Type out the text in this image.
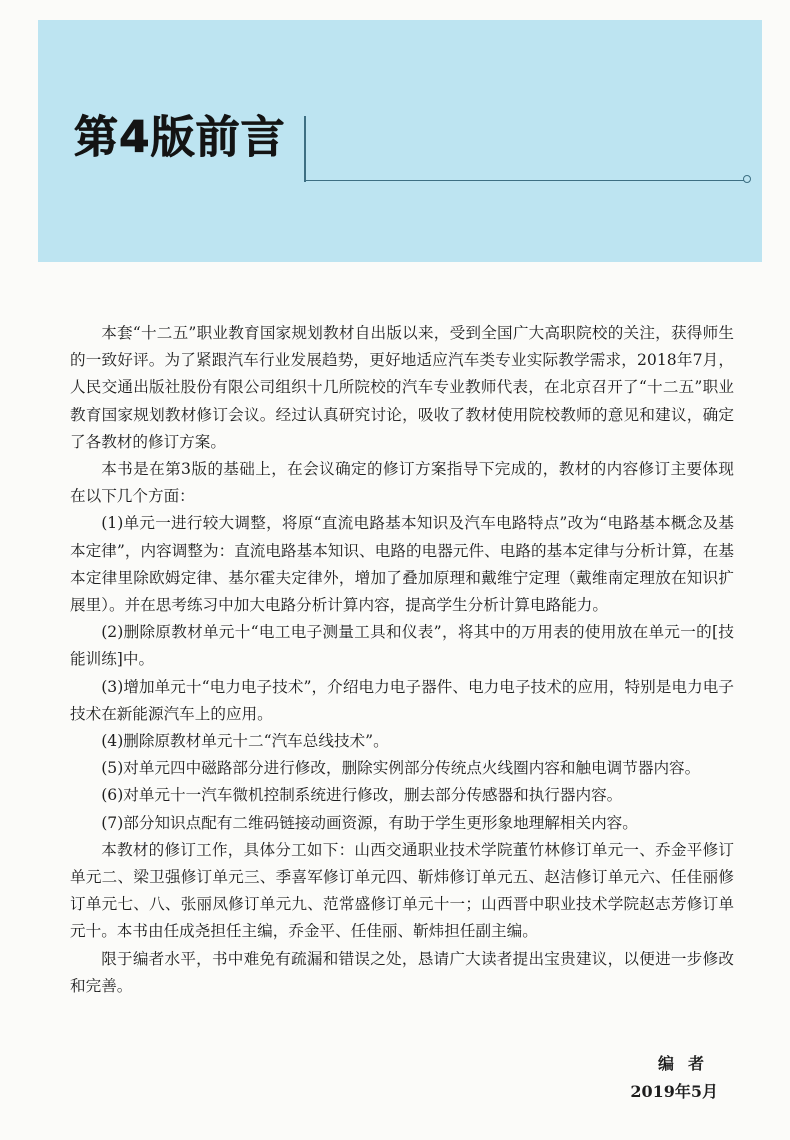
第4版前言

本套“十二五”职业教育国家规划教材自出版以来，受到全国广大高职院校的关注，获得师生的一致好评。为了紧跟汽车行业发展趋势，更好地适应汽车类专业实际教学需求，2018年7月，人民交通出版社股份有限公司组织十几所院校的汽车专业教师代表，在北京召开了“十二五”职业教育国家规划教材修订会议。经过认真研究讨论，吸收了教材使用院校教师的意见和建议，确定了各教材的修订方案。

本书是在第3版的基础上，在会议确定的修订方案指导下完成的，教材的内容修订主要体现在以下几个方面：

(1)单元一进行较大调整，将原“直流电路基本知识及汽车电路特点”改为“电路基本概念及基本定律”，内容调整为：直流电路基本知识、电路的电器元件、电路的基本定律与分析计算，在基本定律里除欧姆定律、基尔霍夫定律外，增加了叠加原理和戴维宁定理（戴维南定理放在知识扩展里）。并在思考练习中加大电路分析计算内容，提高学生分析计算电路能力。

(2)删除原教材单元十“电工电子测量工具和仪表”，将其中的万用表的使用放在单元一的[技能训练]中。

(3)增加单元十“电力电子技术”，介绍电力电子器件、电力电子技术的应用，特别是电力电子技术在新能源汽车上的应用。

(4)删除原教材单元十二“汽车总线技术”。

(5)对单元四中磁路部分进行修改，删除实例部分传统点火线圈内容和触电调节器内容。

(6)对单元十一汽车微机控制系统进行修改，删去部分传感器和执行器内容。

(7)部分知识点配有二维码链接动画资源，有助于学生更形象地理解相关内容。

本教材的修订工作，具体分工如下：山西交通职业技术学院董竹林修订单元一、乔金平修订单元二、梁卫强修订单元三、季喜军修订单元四、靳炜修订单元五、赵洁修订单元六、任佳丽修订单元七、八、张丽凤修订单元九、范常盛修订单元十一；山西晋中职业技术学院赵志芳修订单元十。本书由任成尧担任主编，乔金平、任佳丽、靳炜担任副主编。

限于编者水平，书中难免有疏漏和错误之处，恳请广大读者提出宝贵建议，以便进一步修改和完善。

编者
2019年5月
